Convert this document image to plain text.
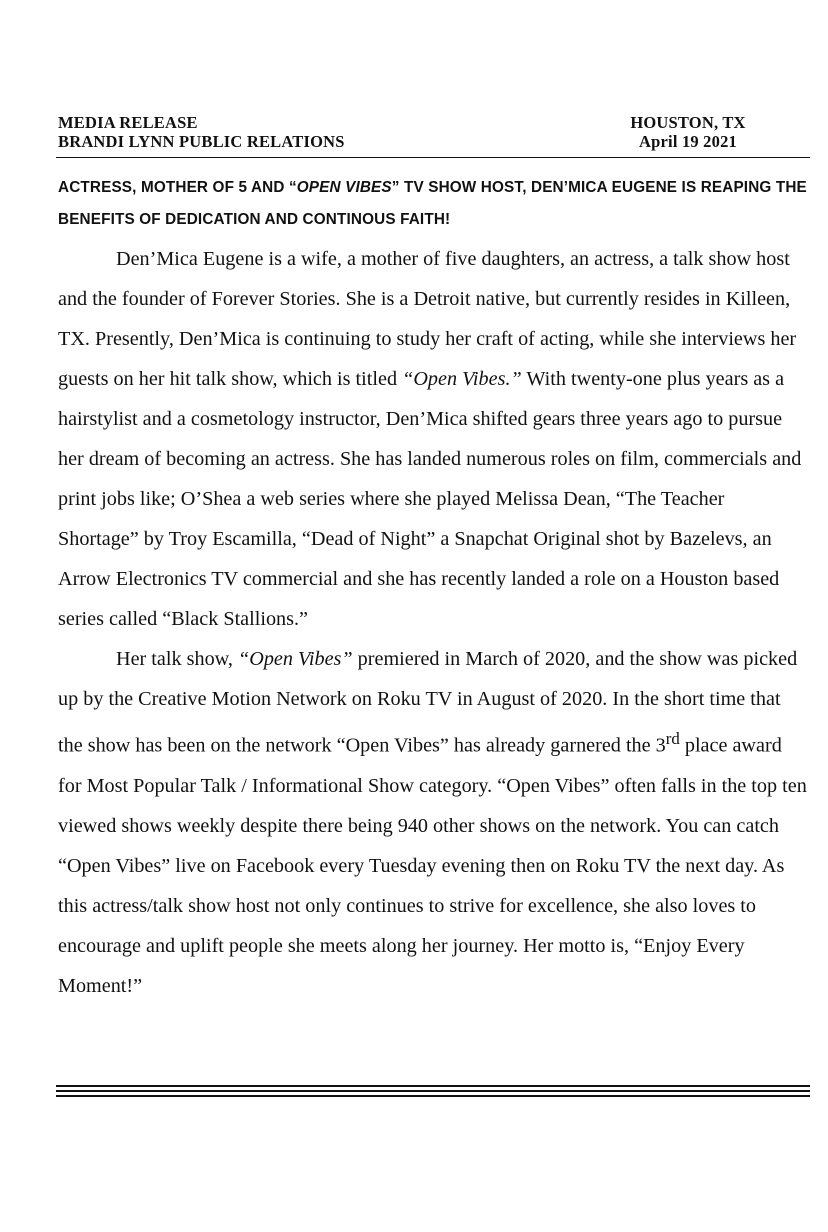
MEDIA RELEASE
BRANDI LYNN PUBLIC RELATIONS
HOUSTON, TX
April 19 2021
ACTRESS, MOTHER OF 5 AND “OPEN VIBES” TV SHOW HOST, DEN’MICA EUGENE IS REAPING THE BENEFITS OF DEDICATION AND CONTINOUS FAITH!

Den’Mica Eugene is a wife, a mother of five daughters, an actress, a talk show host and the founder of Forever Stories. She is a Detroit native, but currently resides in Killeen, TX. Presently, Den’Mica is continuing to study her craft of acting, while she interviews her guests on her hit talk show, which is titled “Open Vibes.” With twenty-one plus years as a hairstylist and a cosmetology instructor, Den’Mica shifted gears three years ago to pursue her dream of becoming an actress. She has landed numerous roles on film, commercials and print jobs like; O’Shea a web series where she played Melissa Dean, “The Teacher Shortage” by Troy Escamilla, “Dead of Night” a Snapchat Original shot by Bazelevs, an Arrow Electronics TV commercial and she has recently landed a role on a Houston based series called “Black Stallions.”

Her talk show, “Open Vibes” premiered in March of 2020, and the show was picked up by the Creative Motion Network on Roku TV in August of 2020. In the short time that the show has been on the network “Open Vibes” has already garnered the 3rd place award for Most Popular Talk / Informational Show category. “Open Vibes” often falls in the top ten viewed shows weekly despite there being 940 other shows on the network. You can catch “Open Vibes” live on Facebook every Tuesday evening then on Roku TV the next day. As this actress/talk show host not only continues to strive for excellence, she also loves to encourage and uplift people she meets along her journey. Her motto is, “Enjoy Every Moment!”
